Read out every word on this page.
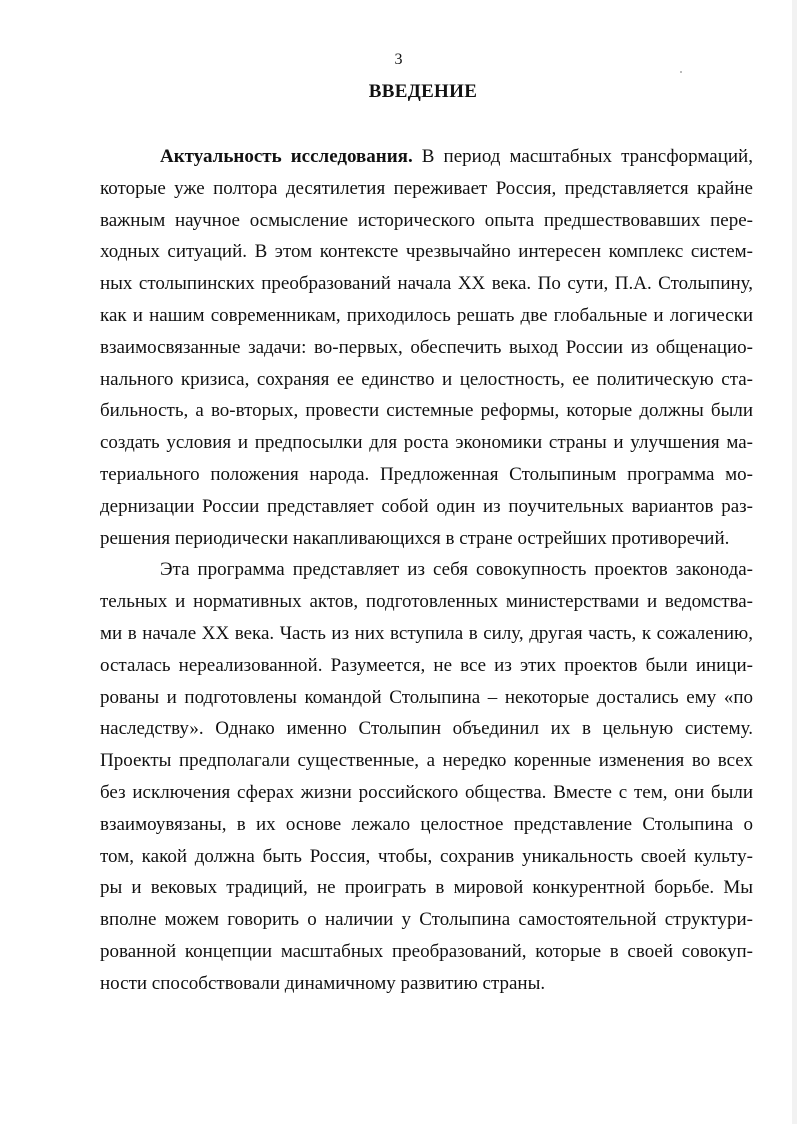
3
ВВЕДЕНИЕ
Актуальность исследования. В период масштабных трансформаций,
которые уже полтора десятилетия переживает Россия, представляется крайне
важным научное осмысление исторического опыта предшествовавших пере-
ходных ситуаций. В этом контексте чрезвычайно интересен комплекс систем-
ных столыпинских преобразований начала XX века. По сути, П.А. Столыпину,
как и нашим современникам, приходилось решать две глобальные и логически
взаимосвязанные задачи: во-первых, обеспечить выход России из общенацио-
нального кризиса, сохраняя ее единство и целостность, ее политическую ста-
бильность, а во-вторых, провести системные реформы, которые должны были
создать условия и предпосылки для роста экономики страны и улучшения ма-
териального положения народа. Предложенная Столыпиным программа мо-
дернизации России представляет собой один из поучительных вариантов раз-
решения периодически накапливающихся в стране острейших противоречий.
Эта программа представляет из себя совокупность проектов законода-
тельных и нормативных актов, подготовленных министерствами и ведомства-
ми в начале XX века. Часть из них вступила в силу, другая часть, к сожалению,
осталась нереализованной. Разумеется, не все из этих проектов были иници-
рованы и подготовлены командой Столыпина – некоторые достались ему «по
наследству». Однако именно Столыпин объединил их в цельную систему.
Проекты предполагали существенные, а нередко коренные изменения во всех
без исключения сферах жизни российского общества. Вместе с тем, они были
взаимоувязаны, в их основе лежало целостное представление Столыпина о
том, какой должна быть Россия, чтобы, сохранив уникальность своей культу-
ры и вековых традиций, не проиграть в мировой конкурентной борьбе. Мы
вполне можем говорить о наличии у Столыпина самостоятельной структури-
рованной концепции масштабных преобразований, которые в своей совокуп-
ности способствовали динамичному развитию страны.
